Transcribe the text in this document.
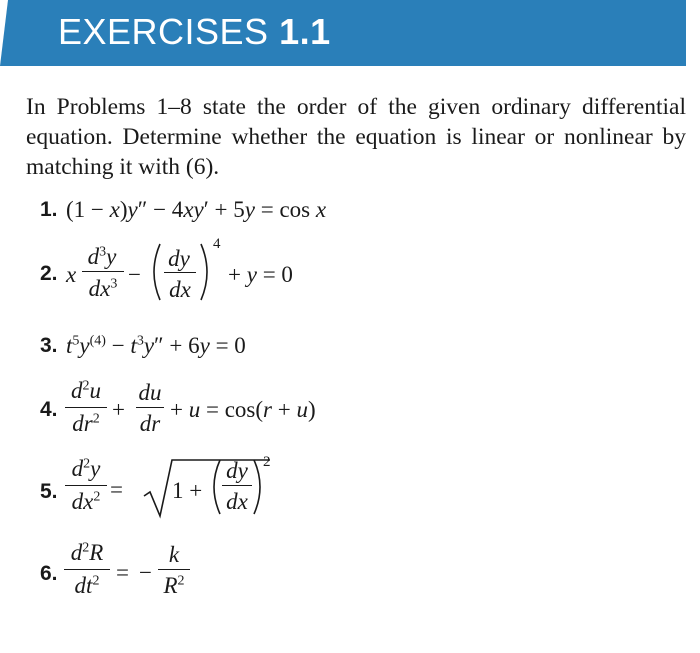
EXERCISES 1.1
In Problems 1–8 state the order of the given ordinary differential
equation. Determine whether the equation is linear or nonlinear by
matching it with (6).
1. (1 − x)y″ − 4xy′ + 5y = cos x
2. x
$d^3y$
$dx^3$ −
dy
dx
4
+ y = 0
3. $t^5y^{(4)} - t^3y'' + 6y = 0$
4.
$d^2u$
$dr^2$ +
du
dr
+ u = cos(r + u)
5.
$d^2y$
$dx^2 = 1$ +
dy
dx
2
6.
$d^2R$
$dt^2$ = −
k
$R^2$
